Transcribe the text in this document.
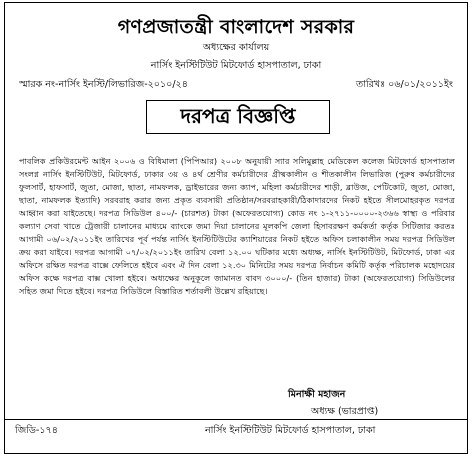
গণপ্রজাতন্ত্রী বাংলাদেশ সরকার
অধ্যক্ষের কার্যালয়
নার্সিং ইনস্টিটিউট মিটফোর্ড হাসপাতাল, ঢাকা
স্মারক নং-নার্সিং ইনস্টি/লিভারিজ-২০১০/২৪	তারিখঃ ০৬/০১/২০১১ইং
দরপত্র বিজ্ঞপ্তি
পাবলিক প্রকিউরমেন্ট আইন ২০০৬ ও বিধিমালা (পিপিআর) ২০০৮ অনুযায়ী স্যার সলিমুল্লাহ মেডিকেল কলেজ মিটফোর্ড হাসপাতাল সংলগ্ন নার্সিং ইনস্টিটিউট, মিটফোর্ড, ঢাকার ৩য় ও ৪র্থ শ্রেণীর কর্মচারীদের গ্রীষ্মকালীন ও শীতকালীন লিভারিজ (পুরুষ কর্মচারীদের ফুলসার্ট, হাফসার্ট, জুতা, মোজা, ছাতা, নামফলক, ড্রাইভারের জন্য ক্যাপ, মহিলা কর্মচারীদের শাড়ী, ব্লাউজ, পেটিকোট, জুতা, মোজা, ছাতা, নামফলক ইত্যাদি) সরবরাহ করার জন্য প্রকৃত ব্যবসায়ী প্রতিষ্ঠান/সরবরাহকারী/ঠিকাদারদের নিকট হইতে সীলমোহরকৃত দরপত্র আহ্বান করা যাইতেছে। দরপত্র সিডিউল ৪০০/- (চারশত) টাকা (অফেরতযোগ্য) কোড নং ১-২৭১১-০০০০-২৩৬৬ স্বাস্থ্য ও পরিবার কল্যাণ সেবা খাতে ট্রেজারী চালানের মাধ্যমে ব্যাংকে জমা দিয়া চালানের মূলকপি জেলা হিসাবরক্ষণ কর্মকর্তা কর্তৃক সিটিজার করতঃ আগামী ০৬/০২/২০১১ইং তারিখের পূর্ব পর্যন্ত নার্সিং ইনস্টিটিউটের ক্যাশিয়ারের নিকট হইতে অফিস চলাকালীন সময় দরপত্র সিডিউল ক্রয় করা যাইবে। দরপত্র আগামী ০৭/০২/২০১১ইং তারিখ বেলা ১২.০০ ঘটিকার মধ্যে অধ্যক্ষ, নার্সিং ইনস্টিটিউট, মিটফোর্ড, ঢাকা এর অফিসে রক্ষিত দরপত্র বাক্সে ফেলিতে হইবে এবং ঐ দিন বেলা ১২.৩০ মিনিটের সময় দরপত্র নির্বাচন কমিটি কর্তৃক পরিচালক মহোদয়ের অফিস কক্ষে দরপত্র বাক্স খোলা হইবে। অধ্যক্ষের অনুকূলে জামানত বাবদ ৩০০০/- (তিন হাজার) টাকা (অফেরতযোগ্য) সিডিউলের সহিত জমা দিতে হইবে। দরপত্র সিডিউলে বিস্তারিত শর্তাবলী উল্লেখ রহিয়াছে।
মিনাক্ষী মহাজন
অধ্যক্ষ (ভারপ্রাপ্ত)
জিডি-১৭৪	নার্সিং ইনস্টিটিউট মিটফোর্ড হাসপাতাল, ঢাকা
